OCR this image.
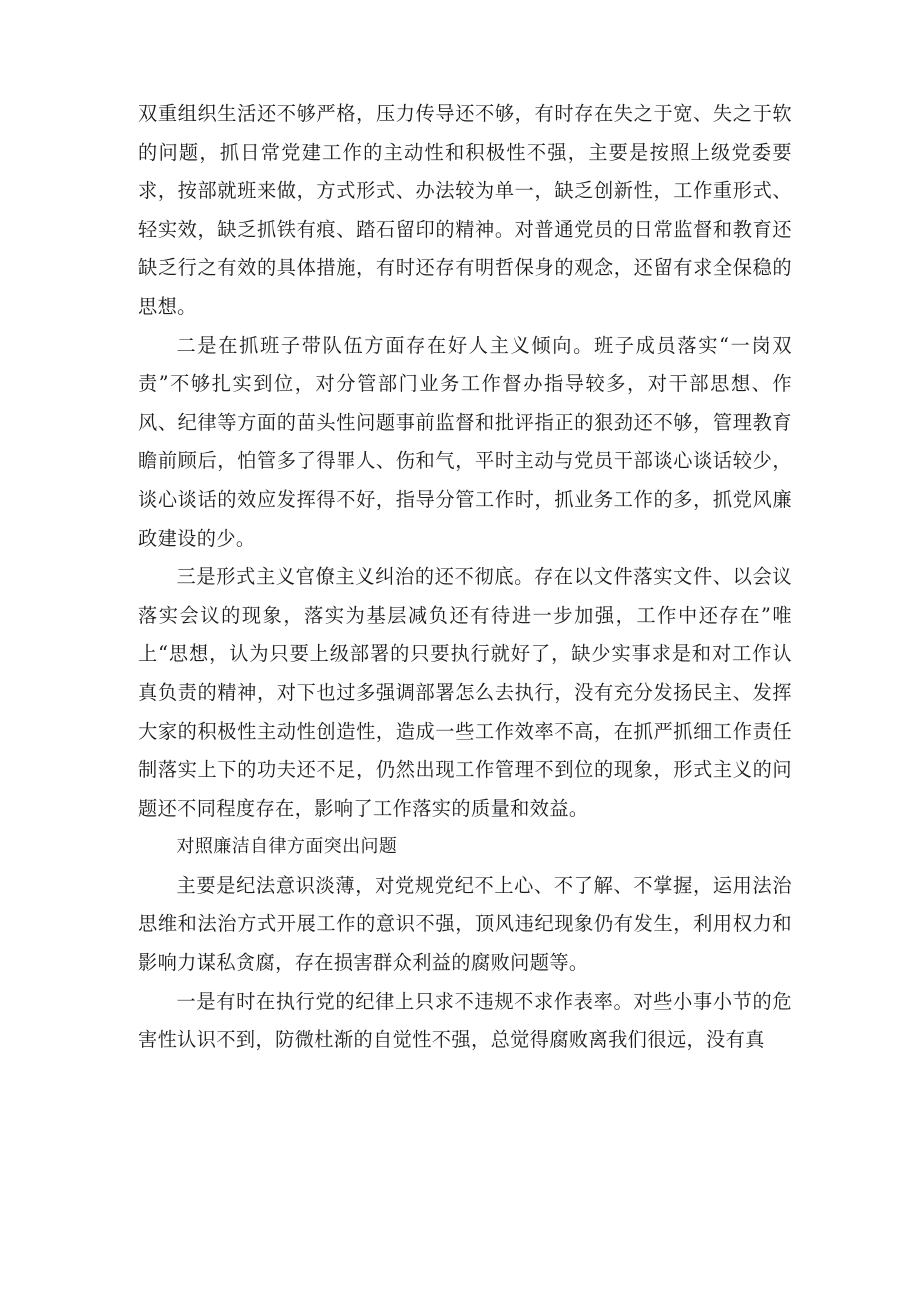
双重组织生活还不够严格，压力传导还不够，有时存在失之于宽、失之于软的问题，抓日常党建工作的主动性和积极性不强，主要是按照上级党委要求，按部就班来做，方式形式、办法较为单一，缺乏创新性，工作重形式、轻实效，缺乏抓铁有痕、踏石留印的精神。对普通党员的日常监督和教育还缺乏行之有效的具体措施，有时还存有明哲保身的观念，还留有求全保稳的思想。

二是在抓班子带队伍方面存在好人主义倾向。班子成员落实“一岗双责”不够扎实到位，对分管部门业务工作督办指导较多，对干部思想、作风、纪律等方面的苗头性问题事前监督和批评指正的狠劲还不够，管理教育瞻前顾后，怕管多了得罪人、伤和气，平时主动与党员干部谈心谈话较少，谈心谈话的效应发挥得不好，指导分管工作时，抓业务工作的多，抓党风廉政建设的少。

三是形式主义官僚主义纠治的还不彻底。存在以文件落实文件、以会议落实会议的现象，落实为基层减负还有待进一步加强，工作中还存在”唯上“思想，认为只要上级部署的只要执行就好了，缺少实事求是和对工作认真负责的精神，对下也过多强调部署怎么去执行，没有充分发扬民主、发挥大家的积极性主动性创造性，造成一些工作效率不高，在抓严抓细工作责任制落实上下的功夫还不足，仍然出现工作管理不到位的现象，形式主义的问题还不同程度存在，影响了工作落实的质量和效益。

对照廉洁自律方面突出问题

主要是纪法意识淡薄，对党规党纪不上心、不了解、不掌握，运用法治思维和法治方式开展工作的意识不强，顶风违纪现象仍有发生，利用权力和影响力谋私贪腐，存在损害群众利益的腐败问题等。

一是有时在执行党的纪律上只求不违规不求作表率。对些小事小节的危害性认识不到，防微杜渐的自觉性不强，总觉得腐败离我们很远，没有真
